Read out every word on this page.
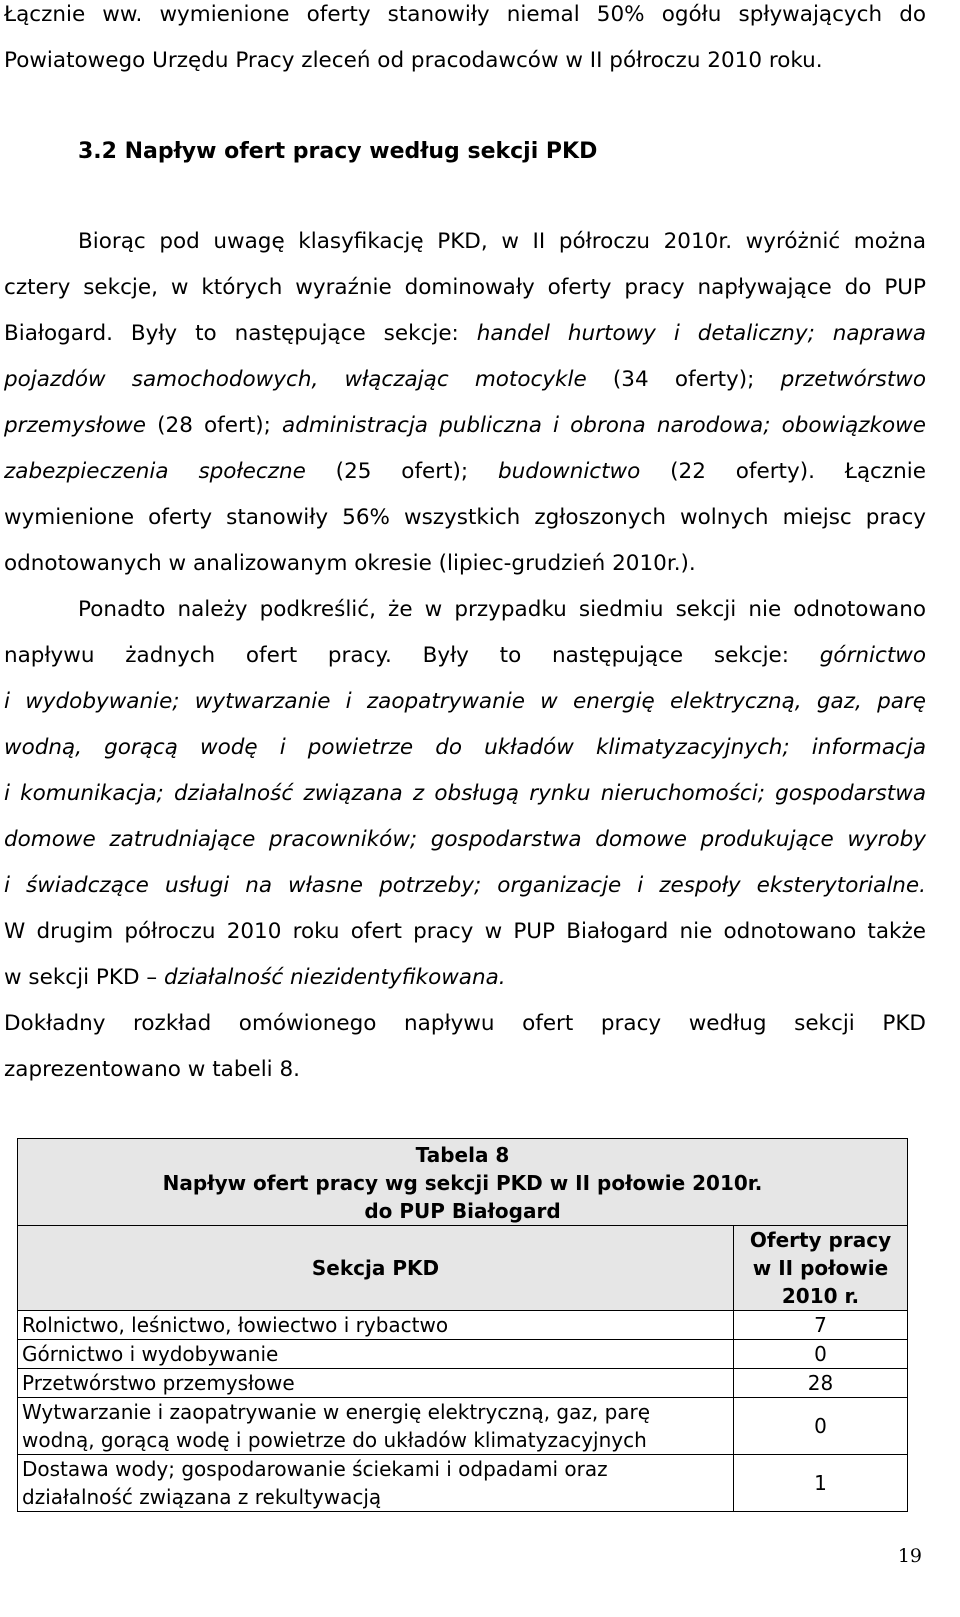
Łącznie ww. wymienione oferty stanowiły niemal 50% ogółu spływających do
Powiatowego Urzędu Pracy zleceń od pracodawców w II półroczu 2010 roku.
3.2 Napływ ofert pracy według sekcji PKD
Biorąc pod uwagę klasyfikację PKD, w II półroczu 2010r. wyróżnić można
cztery sekcje, w których wyraźnie dominowały oferty pracy napływające do PUP
Białogard. Były to następujące sekcje: handel hurtowy i detaliczny; naprawa
pojazdów samochodowych, włączając motocykle (34 oferty); przetwórstwo
przemysłowe (28 ofert); administracja publiczna i obrona narodowa; obowiązkowe
zabezpieczenia społeczne (25 ofert); budownictwo (22 oferty). Łącznie
wymienione oferty stanowiły 56% wszystkich zgłoszonych wolnych miejsc pracy
odnotowanych w analizowanym okresie (lipiec-grudzień 2010r.).
Ponadto należy podkreślić, że w przypadku siedmiu sekcji nie odnotowano
napływu żadnych ofert pracy. Były to następujące sekcje: górnictwo
i wydobywanie; wytwarzanie i zaopatrywanie w energię elektryczną, gaz, parę
wodną, gorącą wodę i powietrze do układów klimatyzacyjnych; informacja
i komunikacja; działalność związana z obsługą rynku nieruchomości; gospodarstwa
domowe zatrudniające pracowników; gospodarstwa domowe produkujące wyroby
i świadczące usługi na własne potrzeby; organizacje i zespoły eksterytorialne.
W drugim półroczu 2010 roku ofert pracy w PUP Białogard nie odnotowano także
w sekcji PKD – działalność niezidentyfikowana.
Dokładny rozkład omówionego napływu ofert pracy według sekcji PKD
zaprezentowano w tabeli 8.
Tabela 8
Napływ ofert pracy wg sekcji PKD w II połowie 2010r.
do PUP Białogard	

Sekcja PKD	Oferty pracy
w II połowie
2010 r.

Rolnictwo, leśnictwo, łowiectwo i rybactwo	7

Górnictwo i wydobywanie	0

Przetwórstwo przemysłowe	28

Wytwarzanie i zaopatrywanie w energię elektryczną, gaz, parę
wodną, gorącą wodę i powietrze do układów klimatyzacyjnych	0

Dostawa wody; gospodarowanie ściekami i odpadami oraz
działalność związana z rekultywacją	1
19
